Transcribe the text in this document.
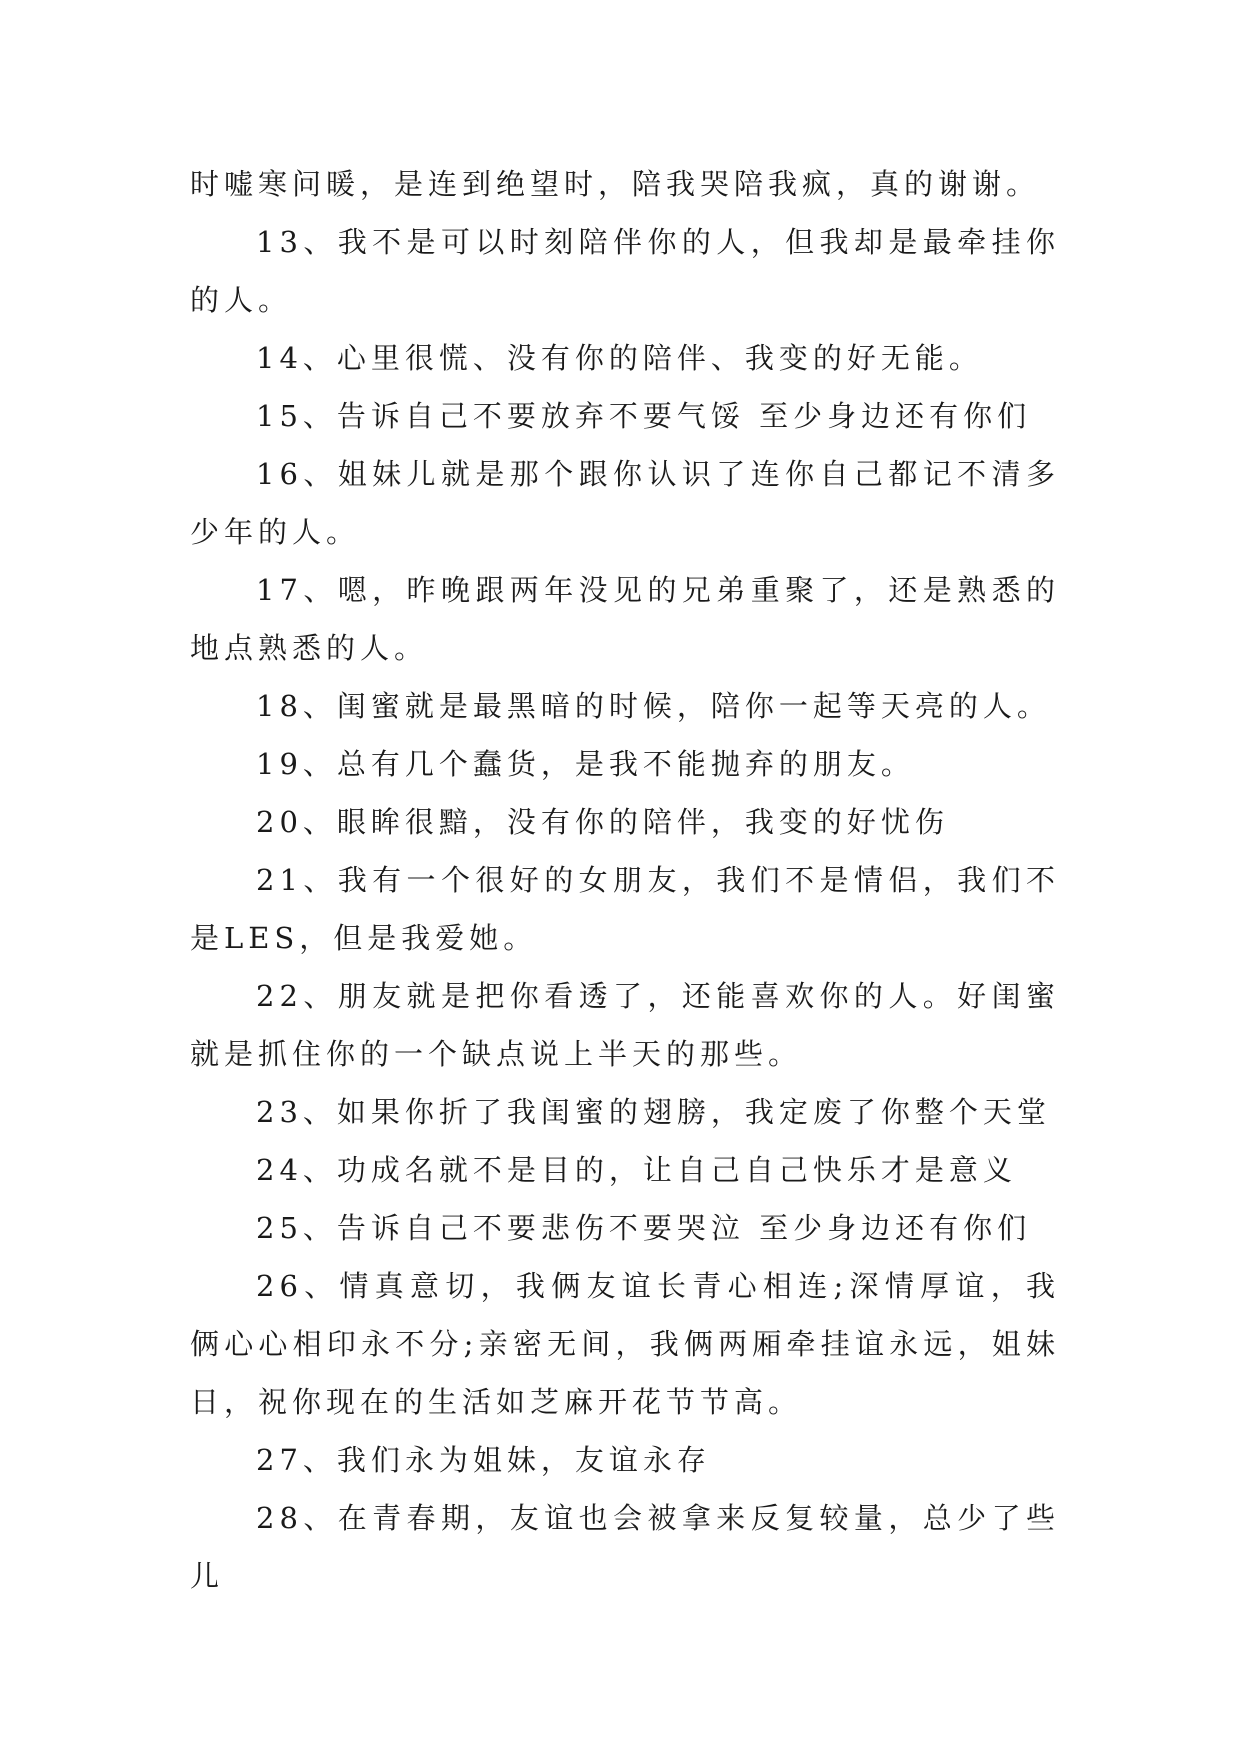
时嘘寒问暖，是连到绝望时，陪我哭陪我疯，真的谢谢。

13、我不是可以时刻陪伴你的人，但我却是最牵挂你的人。

14、心里很慌、没有你的陪伴、我变的好无能。

15、告诉自己不要放弃不要气馁 至少身边还有你们

16、姐妹儿就是那个跟你认识了连你自己都记不清多少年的人。

17、嗯，昨晚跟两年没见的兄弟重聚了，还是熟悉的地点熟悉的人。

18、闺蜜就是最黑暗的时候，陪你一起等天亮的人。

19、总有几个蠢货，是我不能抛弃的朋友。

20、眼眸很黯，没有你的陪伴，我变的好忧伤

21、我有一个很好的女朋友，我们不是情侣，我们不是LES，但是我爱她。

22、朋友就是把你看透了，还能喜欢你的人。好闺蜜就是抓住你的一个缺点说上半天的那些。

23、如果你折了我闺蜜的翅膀，我定废了你整个天堂

24、功成名就不是目的，让自己自己快乐才是意义

25、告诉自己不要悲伤不要哭泣 至少身边还有你们

26、情真意切，我俩友谊长青心相连;深情厚谊，我俩心心相印永不分;亲密无间，我俩两厢牵挂谊永远，姐妹日，祝你现在的生活如芝麻开花节节高。

27、我们永为姐妹，友谊永存

28、在青春期，友谊也会被拿来反复较量，总少了些儿
